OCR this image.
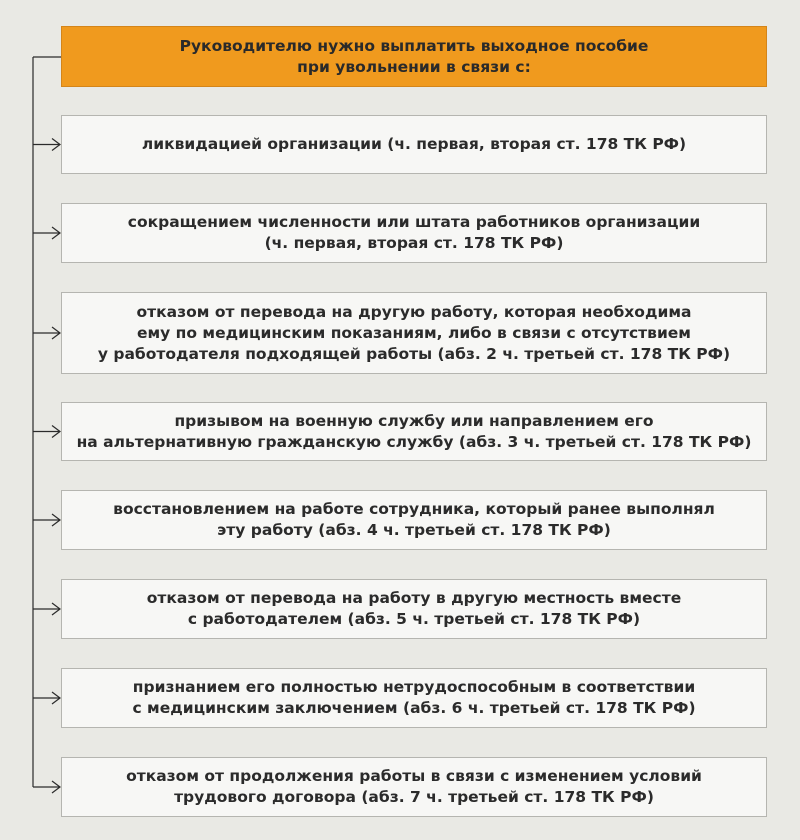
Руководителю нужно выплатить выходное пособие
при увольнении в связи с:
ликвидацией организации (ч. первая, вторая ст. 178 ТК РФ)
сокращением численности или штата работников организации
(ч. первая, вторая ст. 178 ТК РФ)
отказом от перевода на другую работу, которая необходима
ему по медицинским показаниям, либо в связи с отсутствием
у работодателя подходящей работы (абз. 2 ч. третьей ст. 178 ТК РФ)
призывом на военную службу или направлением его
на альтернативную гражданскую службу (абз. 3 ч. третьей ст. 178 ТК РФ)
восстановлением на работе сотрудника, который ранее выполнял
эту работу (абз. 4 ч. третьей ст. 178 ТК РФ)
отказом от перевода на работу в другую местность вместе
с работодателем (абз. 5 ч. третьей ст. 178 ТК РФ)
признанием его полностью нетрудоспособным в соответствии
с медицинским заключением (абз. 6 ч. третьей ст. 178 ТК РФ)
отказом от продолжения работы в связи с изменением условий
трудового договора (абз. 7 ч. третьей ст. 178 ТК РФ)
